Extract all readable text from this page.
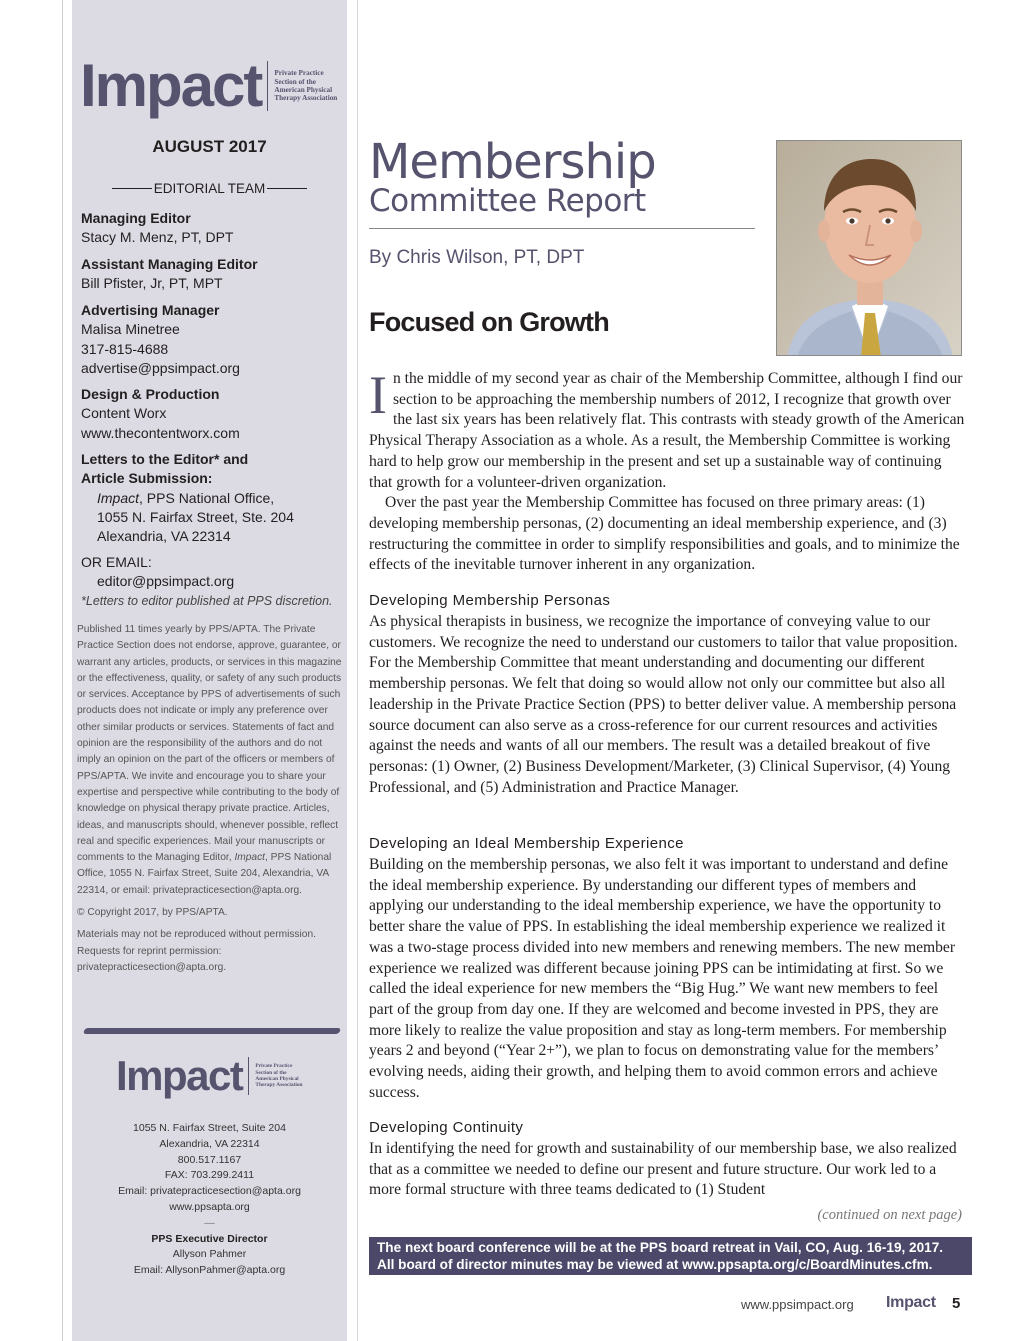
Impact Private Practice
Section of the
American Physical
Therapy Association
AUGUST 2017
EDITORIAL TEAM
Managing Editor
Stacy M. Menz, PT, DPT
Assistant Managing Editor
Bill Pfister, Jr, PT, MPT
Advertising Manager
Malisa Minetree
317-815-4688
advertise@ppsimpact.org
Design & Production
Content Worx
www.thecontentworx.com
Letters to the Editor* and
Article Submission:
Impact, PPS National Office,
1055 N. Fairfax Street, Ste. 204
Alexandria, VA 22314
OR EMAIL:
editor@ppsimpact.org
*Letters to editor published at PPS discretion.

Published 11 times yearly by PPS/APTA. The Private Practice Section does not endorse, approve, guarantee, or warrant any articles, products, or services in this magazine or the effectiveness, quality, or safety of any such products or services. Acceptance by PPS of advertisements of such products does not indicate or imply any preference over other similar products or services. Statements of fact and opinion are the responsibility of the authors and do not imply an opinion on the part of the officers or members of PPS/APTA. We invite and encourage you to share your expertise and perspective while contributing to the body of knowledge on physical therapy private practice. Articles, ideas, and manuscripts should, whenever possible, reflect real and specific experiences. Mail your manuscripts or comments to the Managing Editor, Impact, PPS National Office, 1055 N. Fairfax Street, Suite 204, Alexandria, VA 22314, or email: privatepracticesection@apta.org.

© Copyright 2017, by PPS/APTA.

Materials may not be reproduced without permission. Requests for reprint permission: privatepracticesection@apta.org.

Impact Private Practice
Section of the
American Physical
Therapy Association
1055 N. Fairfax Street, Suite 204
Alexandria, VA 22314
800.517.1167
FAX: 703.299.2411
Email: privatepracticesection@apta.org
www.ppsapta.org
—
PPS Executive Director
Allyson Pahmer
Email: AllysonPahmer@apta.org
Membership
Committee Report
By Chris Wilson, PT, DPT
Focused on Growth
I n the middle of my second year as chair of the Membership Committee, although I find our section to be approaching the membership numbers of 2012, I recognize that growth over the last six years has been relatively flat. This contrasts with steady growth of the American Physical Therapy Association as a whole. As a result, the Membership Committee is working hard to help grow our membership in the present and set up a sustainable way of continuing that growth for a volunteer-driven organization.
Over the past year the Membership Committee has focused on three primary areas: (1) developing membership personas, (2) documenting an ideal membership experience, and (3) restructuring the committee in order to simplify responsibilities and goals, and to minimize the effects of the inevitable turnover inherent in any organization.
Developing Membership Personas
As physical therapists in business, we recognize the importance of conveying value to our customers. We recognize the need to understand our customers to tailor that value proposition. For the Membership Committee that meant understanding and documenting our different membership personas. We felt that doing so would allow not only our committee but also all leadership in the Private Practice Section (PPS) to better deliver value. A membership persona source document can also serve as a cross-reference for our current resources and activities against the needs and wants of all our members. The result was a detailed breakout of five personas: (1) Owner, (2) Business Development/Marketer, (3) Clinical Supervisor, (4) Young Professional, and (5) Administration and Practice Manager.
Developing an Ideal Membership Experience
Building on the membership personas, we also felt it was important to understand and define the ideal membership experience. By understanding our different types of members and applying our understanding to the ideal membership experience, we have the opportunity to better share the value of PPS. In establishing the ideal membership experience we realized it was a two-stage process divided into new members and renewing members. The new member experience we realized was different because joining PPS can be intimidating at first. So we called the ideal experience for new members the “Big Hug.” We want new members to feel part of the group from day one. If they are welcomed and become invested in PPS, they are more likely to realize the value proposition and stay as long-term members. For membership years 2 and beyond (“Year 2+”), we plan to focus on demonstrating value for the members’ evolving needs, aiding their growth, and helping them to avoid common errors and achieve success.
Developing Continuity
In identifying the need for growth and sustainability of our membership base, we also realized that as a committee we needed to define our present and future structure. Our work led to a more formal structure with three teams dedicated to (1) Student
(continued on next page)
The next board conference will be at the PPS board retreat in Vail, CO, Aug. 16-19, 2017.
All board of director minutes may be viewed at www.ppsapta.org/c/BoardMinutes.cfm.
www.ppsimpact.org Impact 5
